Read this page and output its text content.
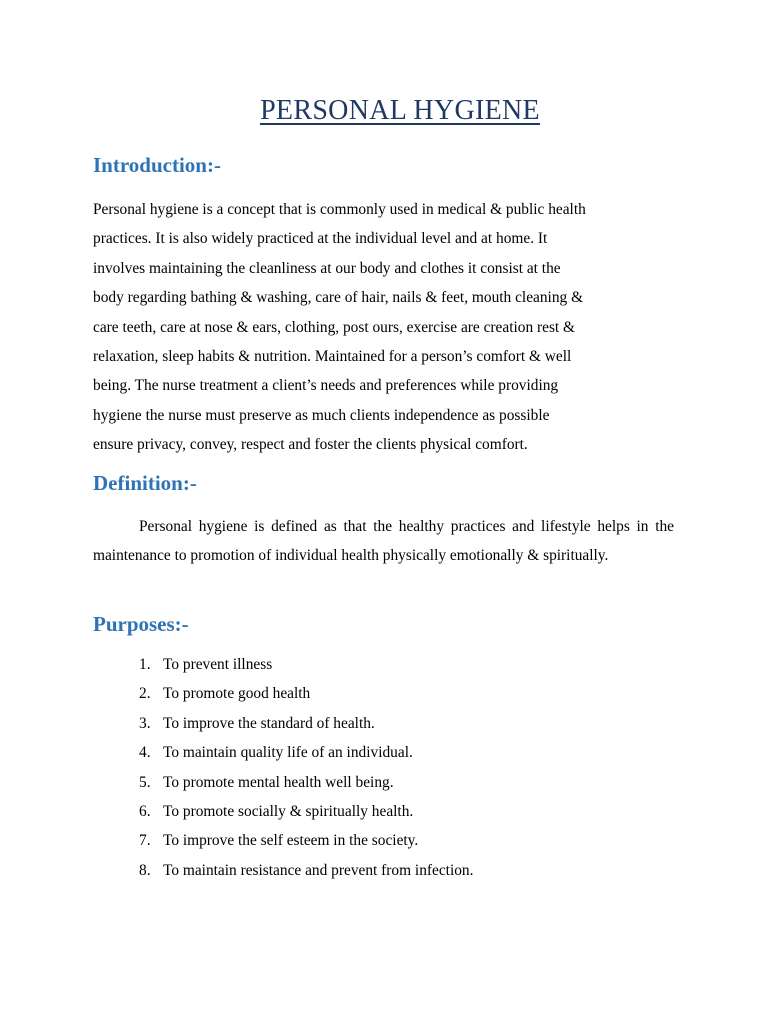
PERSONAL HYGIENE
Introduction:-
Personal hygiene is a concept that is commonly used in medical & public health
practices. It is also widely practiced at the individual level and at home. It
involves maintaining the cleanliness at our body and clothes it consist at the
body regarding bathing & washing, care of hair, nails & feet, mouth cleaning &
care teeth, care at nose & ears, clothing, post ours, exercise are creation rest &
relaxation, sleep habits & nutrition. Maintained for a person’s comfort & well
being. The nurse treatment a client’s needs and preferences while providing
hygiene the nurse must preserve as much clients independence as possible
ensure privacy, convey, respect and foster the clients physical comfort.
Definition:-

Personal hygiene is defined as that the healthy practices and lifestyle helps in the maintenance to promotion of individual health physically emotionally & spiritually.

Purposes:-
1. To prevent illness
2. To promote good health
3. To improve the standard of health.
4. To maintain quality life of an individual.
5. To promote mental health well being.
6. To promote socially & spiritually health.
7. To improve the self esteem in the society.
8. To maintain resistance and prevent from infection.
